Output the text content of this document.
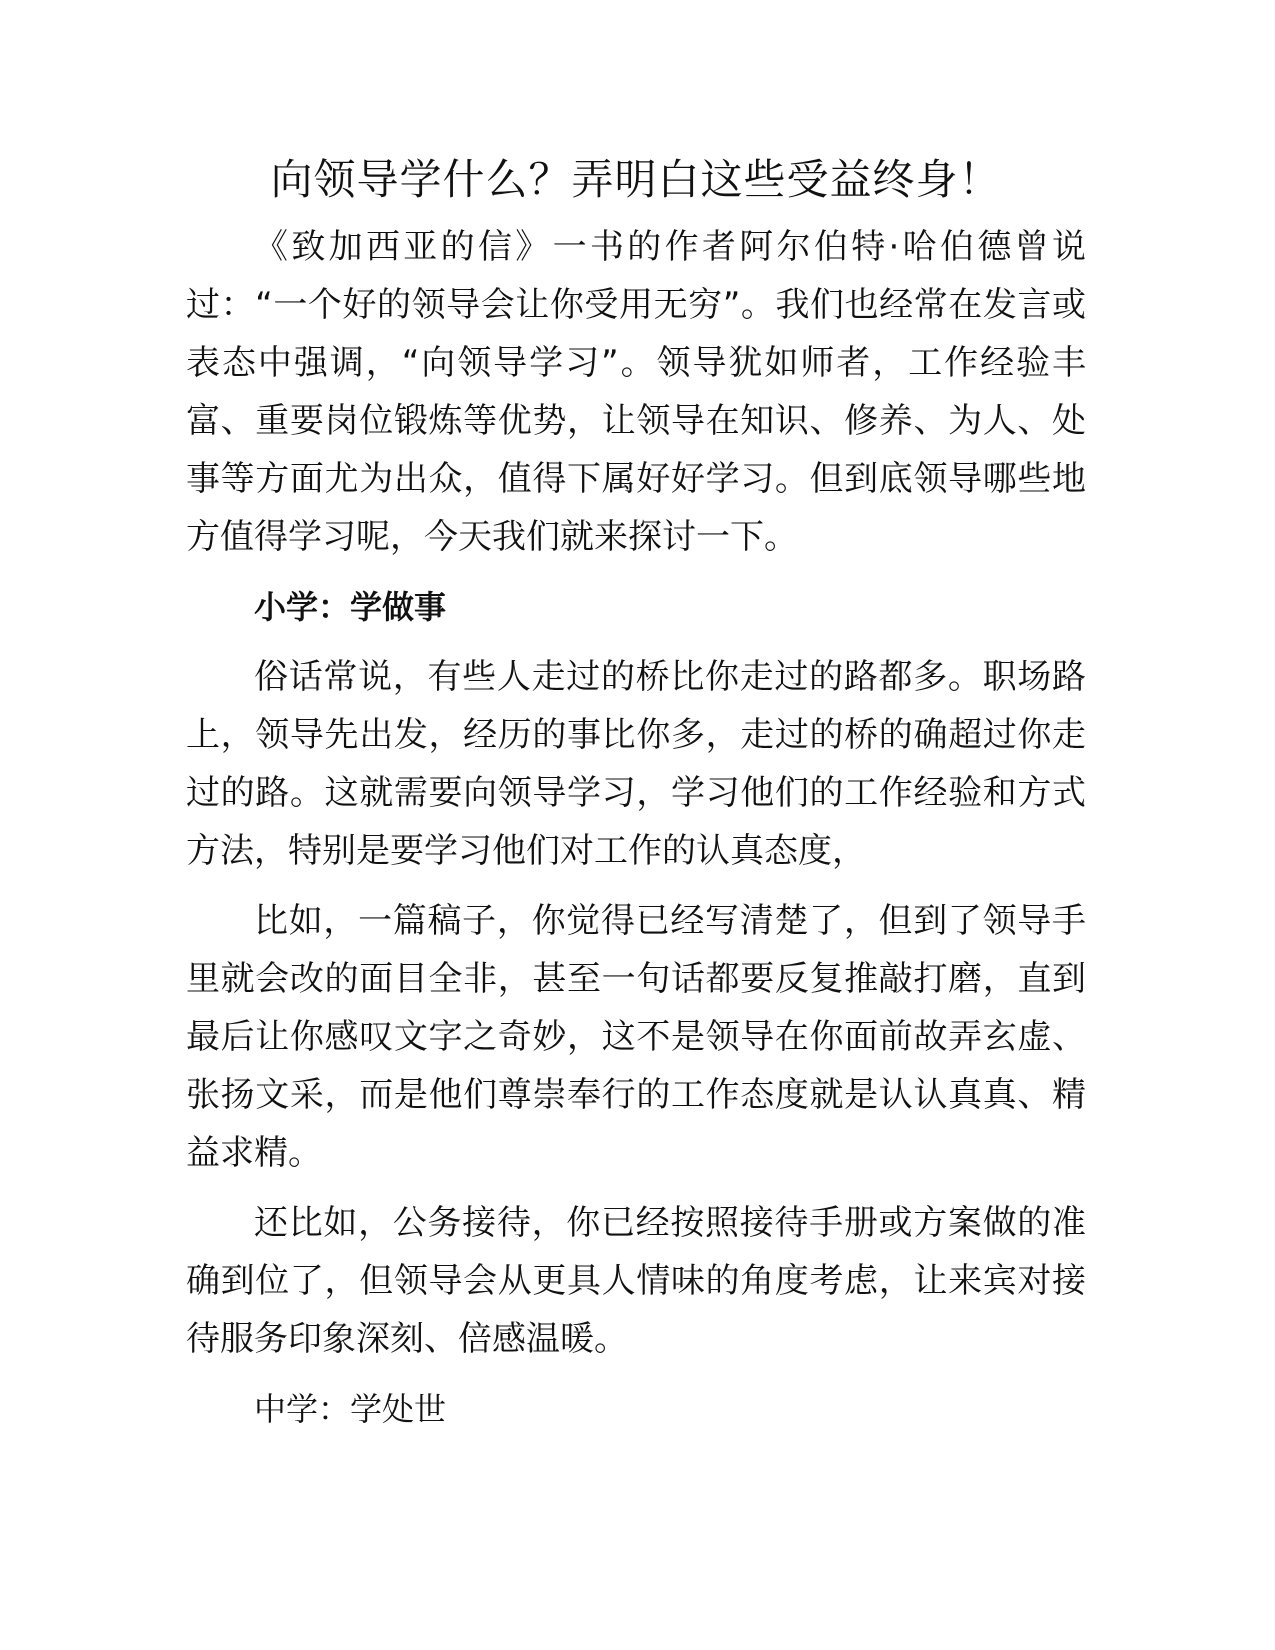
向领导学什么？弄明白这些受益终身！

《致加西亚的信》一书的作者阿尔伯特·哈伯德曾说过：“一个好的领导会让你受用无穷”。我们也经常在发言或表态中强调，“向领导学习”。领导犹如师者，工作经验丰富、重要岗位锻炼等优势，让领导在知识、修养、为人、处事等方面尤为出众，值得下属好好学习。但到底领导哪些地方值得学习呢，今天我们就来探讨一下。

小学：学做事

俗话常说，有些人走过的桥比你走过的路都多。职场路上，领导先出发，经历的事比你多，走过的桥的确超过你走过的路。这就需要向领导学习，学习他们的工作经验和方式方法，特别是要学习他们对工作的认真态度，

比如，一篇稿子，你觉得已经写清楚了，但到了领导手里就会改的面目全非，甚至一句话都要反复推敲打磨，直到最后让你感叹文字之奇妙，这不是领导在你面前故弄玄虚、张扬文采，而是他们尊崇奉行的工作态度就是认认真真、精益求精。

还比如，公务接待，你已经按照接待手册或方案做的准确到位了，但领导会从更具人情味的角度考虑，让来宾对接待服务印象深刻、倍感温暖。

中学：学处世
